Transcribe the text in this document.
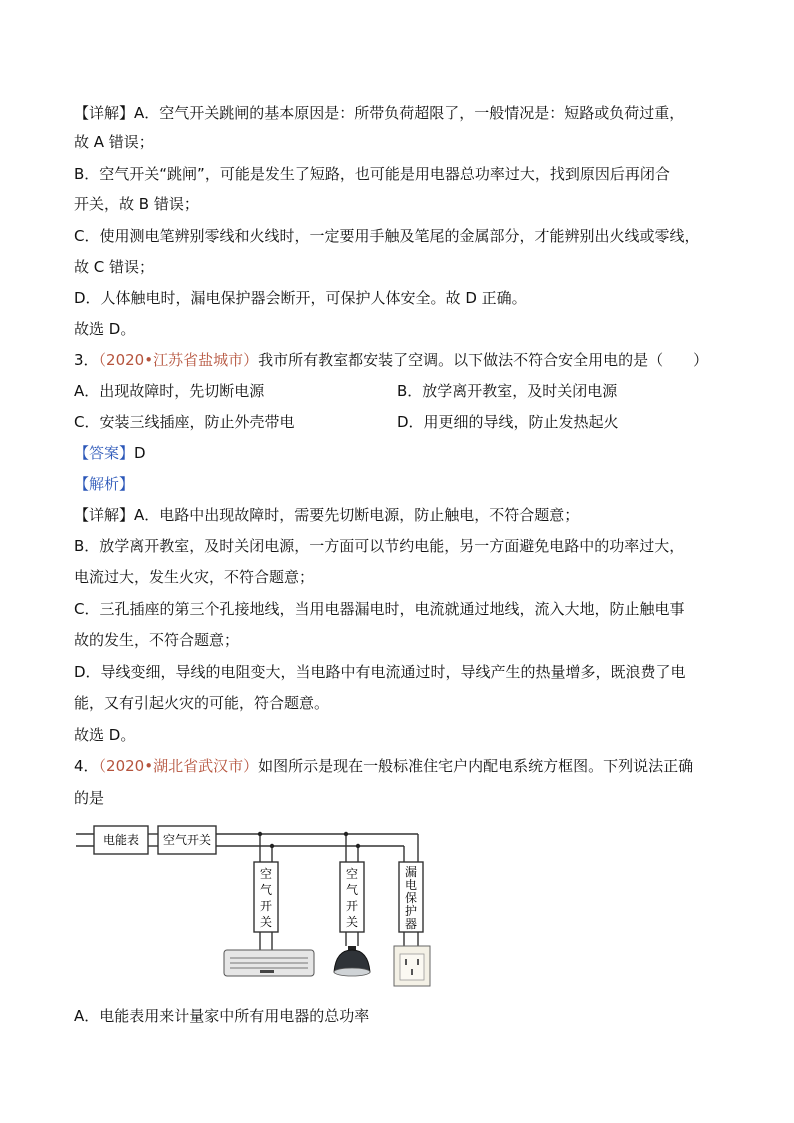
【详解】A．空气开关跳闸的基本原因是：所带负荷超限了，一般情况是：短路或负荷过重，
故 A 错误；
B．空气开关“跳闸”，可能是发生了短路，也可能是用电器总功率过大，找到原因后再闭合
开关，故 B 错误；
C．使用测电笔辨别零线和火线时，一定要用手触及笔尾的金属部分，才能辨别出火线或零线，
故 C 错误；
D．人体触电时，漏电保护器会断开，可保护人体安全。故 D 正确。
故选 D。
3．（2020•江苏省盐城市）我市所有教室都安装了空调。以下做法不符合安全用电的是（　　）
A．出现故障时，先切断电源	B．放学离开教室，及时关闭电源
C．安装三线插座，防止外壳带电	D．用更细的导线，防止发热起火
【答案】D
【解析】
【详解】A．电路中出现故障时，需要先切断电源，防止触电，不符合题意；
B．放学离开教室，及时关闭电源，一方面可以节约电能，另一方面避免电路中的功率过大，
电流过大，发生火灾，不符合题意；
C．三孔插座的第三个孔接地线，当用电器漏电时，电流就通过地线，流入大地，防止触电事
故的发生，不符合题意；
D．导线变细，导线的电阻变大，当电路中有电流通过时，导线产生的热量增多，既浪费了电
能，又有引起火灾的可能，符合题意。
故选 D。
4．（2020•湖北省武汉市）如图所示是现在一般标准住宅户内配电系统方框图。下列说法正确
的是
电能表 空气开关
空
气
开
关
空
气
开
关
漏
电
保
护
器
A．电能表用来计量家中所有用电器的总功率
